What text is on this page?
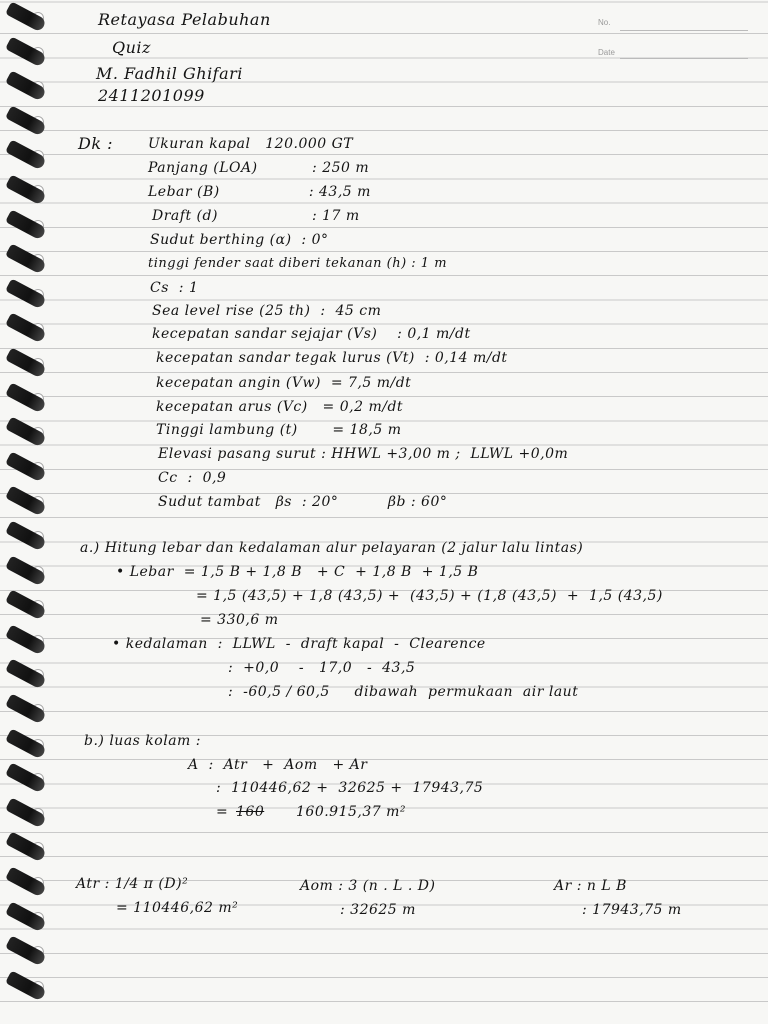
No.
Date
Retayasa Pelabuhan
Quiz
M. Fadhil Ghifari
2411201099
Dk :	Ukuran kapal   120.000 GT
Panjang (LOA)           : 250 m
Lebar (B)                  : 43,5 m
Draft (d)                   : 17 m
Sudut berthing (α)  : 0°
tinggi fender saat diberi tekanan (h) : 1 m
Cs  : 1
Sea level rise (25 th)  :  45 cm
kecepatan sandar sejajar (Vs)    : 0,1 m/dt
kecepatan sandar tegak lurus (Vt)  : 0,14 m/dt
kecepatan angin (Vw)  = 7,5 m/dt
kecepatan arus (Vc)   = 0,2 m/dt
Tinggi lambung (t)       = 18,5 m
Elevasi pasang surut : HHWL +3,00 m ;  LLWL +0,0m
Cc  :  0,9
Sudut tambat   βs  : 20°          βb : 60°
a.) Hitung lebar dan kedalaman alur pelayaran (2 jalur lalu lintas)
• Lebar  = 1,5 B + 1,8 B   + C  + 1,8 B  + 1,5 B
= 1,5 (43,5) + 1,8 (43,5) +  (43,5) + (1,8 (43,5)  +  1,5 (43,5)
= 330,6 m
• kedalaman  :  LLWL  -  draft kapal  -  Clearence
:  +0,0    -   17,0   -  43,5
:  -60,5 / 60,5     dibawah  permukaan  air laut
b.) luas kolam :
A  :  Atr   +  Aom   + Ar
:  110446,62 +  32625 +  17943,75
= 160 160.915,37 m²
Atr : 1/4 π (D)²
= 110446,62 m²
Aom : 3 (n . L . D)
: 32625 m
Ar : n L B
: 17943,75 m
